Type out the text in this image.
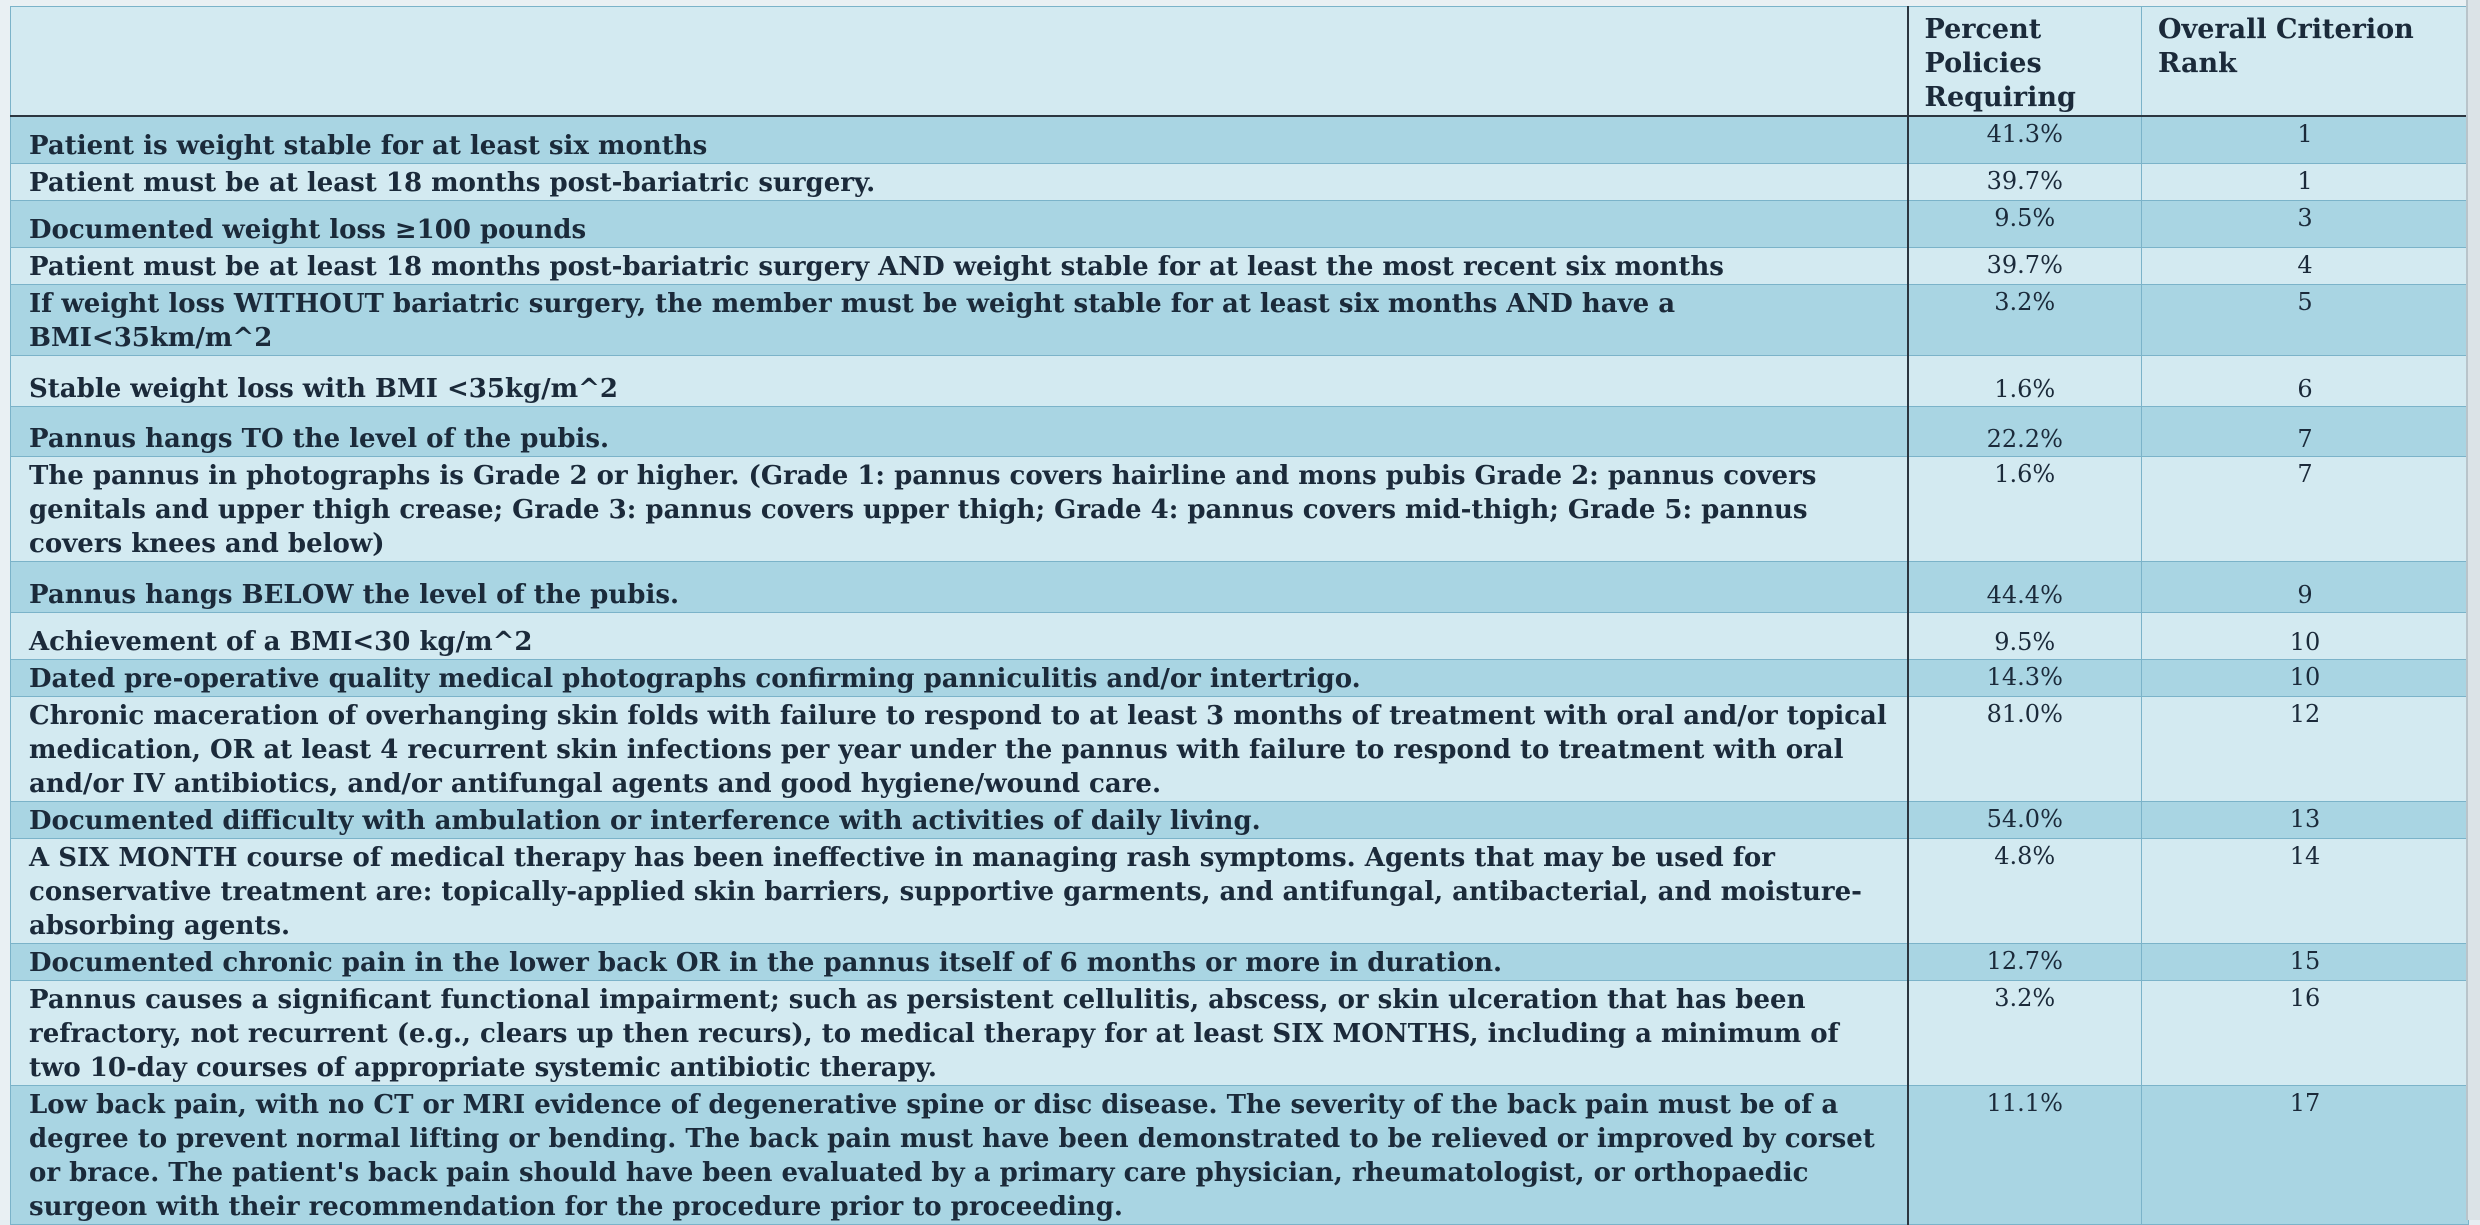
	Percent Policies Requiring	Overall Criterion Rank
Patient is weight stable for at least six months	41.3%	1
Patient must be at least 18 months post-bariatric surgery.	39.7%	1
Documented weight loss ≥100 pounds	9.5%	3
Patient must be at least 18 months post-bariatric surgery AND weight stable for at least the most recent six months	39.7%	4
If weight loss WITHOUT bariatric surgery, the member must be weight stable for at least six months AND have a BMI<35km/m^2	3.2%	5
Stable weight loss with BMI <35kg/m^2	1.6%	6
Pannus hangs TO the level of the pubis.	22.2%	7
The pannus in photographs is Grade 2 or higher. (Grade 1: pannus covers hairline and mons pubis Grade 2: pannus covers genitals and upper thigh crease; Grade 3: pannus covers upper thigh; Grade 4: pannus covers mid-thigh; Grade 5: pannus covers knees and below)	1.6%	7
Pannus hangs BELOW the level of the pubis.	44.4%	9
Achievement of a BMI<30 kg/m^2	9.5%	10
Dated pre-operative quality medical photographs confirming panniculitis and/or intertrigo.	14.3%	10
Chronic maceration of overhanging skin folds with failure to respond to at least 3 months of treatment with oral and/or topical medication, OR at least 4 recurrent skin infections per year under the pannus with failure to respond to treatment with oral and/or IV antibiotics, and/or antifungal agents and good hygiene/wound care.	81.0%	12
Documented difficulty with ambulation or interference with activities of daily living.	54.0%	13
A SIX MONTH course of medical therapy has been ineffective in managing rash symptoms. Agents that may be used for conservative treatment are: topically-applied skin barriers, supportive garments, and antifungal, antibacterial, and moisture-absorbing agents.	4.8%	14
Documented chronic pain in the lower back OR in the pannus itself of 6 months or more in duration.	12.7%	15
Pannus causes a significant functional impairment; such as persistent cellulitis, abscess, or skin ulceration that has been refractory, not recurrent (e.g., clears up then recurs), to medical therapy for at least SIX MONTHS, including a minimum of two 10-day courses of appropriate systemic antibiotic therapy.	3.2%	16
Low back pain, with no CT or MRI evidence of degenerative spine or disc disease. The severity of the back pain must be of a degree to prevent normal lifting or bending. The back pain must have been demonstrated to be relieved or improved by corset or brace. The patient's back pain should have been evaluated by a primary care physician, rheumatologist, or orthopaedic surgeon with their recommendation for the procedure prior to proceeding.	11.1%	17
